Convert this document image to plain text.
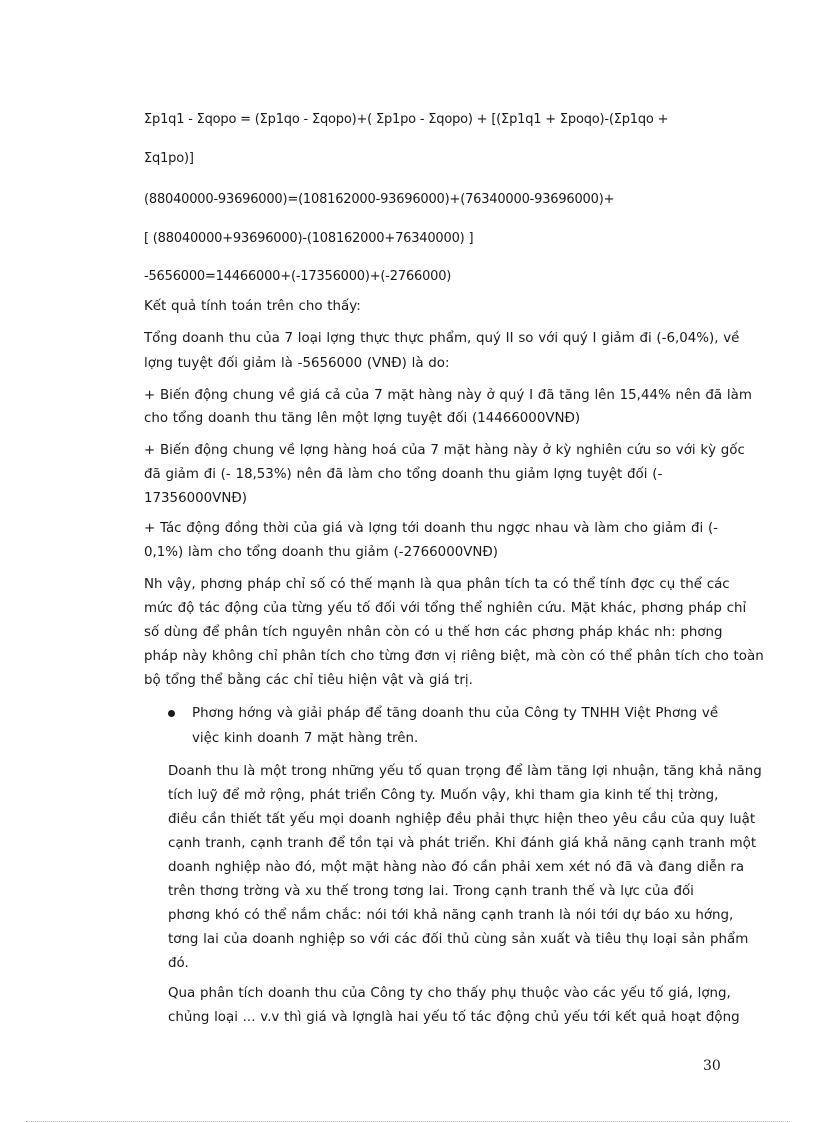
Σp1q1 - Σqopo = (Σp1qo - Σqopo)+( Σp1po - Σqopo) + [(Σp1q1 + Σpoqo)-(Σp1qo +
Σq1po)]
(88040000-93696000)=(108162000-93696000)+(76340000-93696000)+
[ (88040000+93696000)-(108162000+76340000) ]
-5656000=14466000+(-17356000)+(-2766000)
Kết quả tính toán trên cho thấy:
Tổng doanh thu của 7 loại lợng thực thực phẩm, quý II so với quý I giảm đi (-6,04%), về
lợng tuyệt đối giảm là -5656000 (VNĐ) là do:
+ Biến động chung về giá cả của 7 mặt hàng này ở quý I đã tăng lên 15,44% nên đã làm
cho tổng doanh thu tăng lên một lợng tuyệt đối (14466000VNĐ)
+ Biến động chung về lợng hàng hoá của 7 mặt hàng này ở kỳ nghiên cứu so với kỳ gốc
đã giảm đi (- 18,53%) nên đã làm cho tổng doanh thu giảm lợng tuyệt đối (-
17356000VNĐ)
+ Tác động đồng thời của giá và lợng tới doanh thu ngợc nhau và làm cho giảm đi (-
0,1%) làm cho tổng doanh thu giảm (-2766000VNĐ)
Nh vậy, phơng pháp chỉ số có thế mạnh là qua phân tích ta có thể tính đợc cụ thể các
mức độ tác động của từng yếu tố đối với tổng thể nghiên cứu. Mặt khác, phơng pháp chỉ
số dùng để phân tích nguyên nhân còn có u thế hơn các phơng pháp khác nh: phơng
pháp này không chỉ phân tích cho từng đơn vị riêng biệt, mà còn có thể phân tích cho toàn
bộ tổng thể bằng các chỉ tiêu hiện vật và giá trị.
Phơng hớng và giải pháp để tăng doanh thu của Công ty TNHH Việt Phơng về
việc kinh doanh 7 mặt hàng trên.
Doanh thu là một trong những yếu tố quan trọng để làm tăng lợi nhuận, tăng khả năng
tích luỹ để mở rộng, phát triển Công ty. Muốn vậy, khi tham gia kinh tế thị trờng,
điều cần thiết tất yếu mọi doanh nghiệp đều phải thực hiện theo yêu cầu của quy luật
cạnh tranh, cạnh tranh để tồn tại và phát triển. Khi đánh giá khả năng cạnh tranh một
doanh nghiệp nào đó, một mặt hàng nào đó cần phải xem xét nó đã và đang diễn ra
trên thơng trờng và xu thế trong tơng lai. Trong cạnh tranh thế và lực của đối
phơng khó có thể nắm chắc: nói tới khả năng cạnh tranh là nói tới dự báo xu hớng,
tơng lai của doanh nghiệp so với các đối thủ cùng sản xuất và tiêu thụ loại sản phẩm
đó.
Qua phân tích doanh thu của Công ty cho thấy phụ thuộc vào các yếu tố giá, lợng,
chủng loại ... v.v thì giá và lợnglà hai yếu tố tác động chủ yếu tới kết quả hoạt động
30
